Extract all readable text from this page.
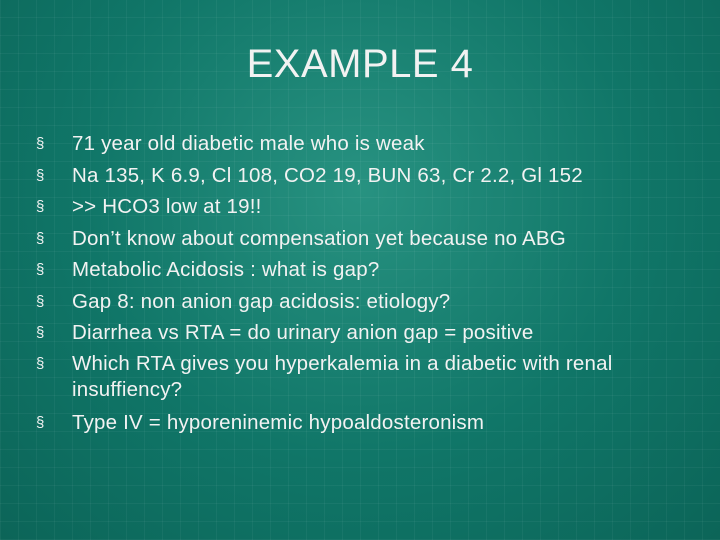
EXAMPLE 4
§	71 year old diabetic male who is weak
§	Na 135, K 6.9, Cl 108, CO2 19, BUN 63, Cr 2.2, Gl 152
§	>> HCO3 low at 19!!
§	Don’t know about compensation yet because no ABG
§	Metabolic Acidosis : what is gap?
§	Gap 8: non anion gap acidosis: etiology?
§	Diarrhea vs RTA = do urinary anion gap = positive
§	Which RTA gives you hyperkalemia in a diabetic with renal insuffiency?
§	Type IV = hyporeninemic hypoaldosteronism
